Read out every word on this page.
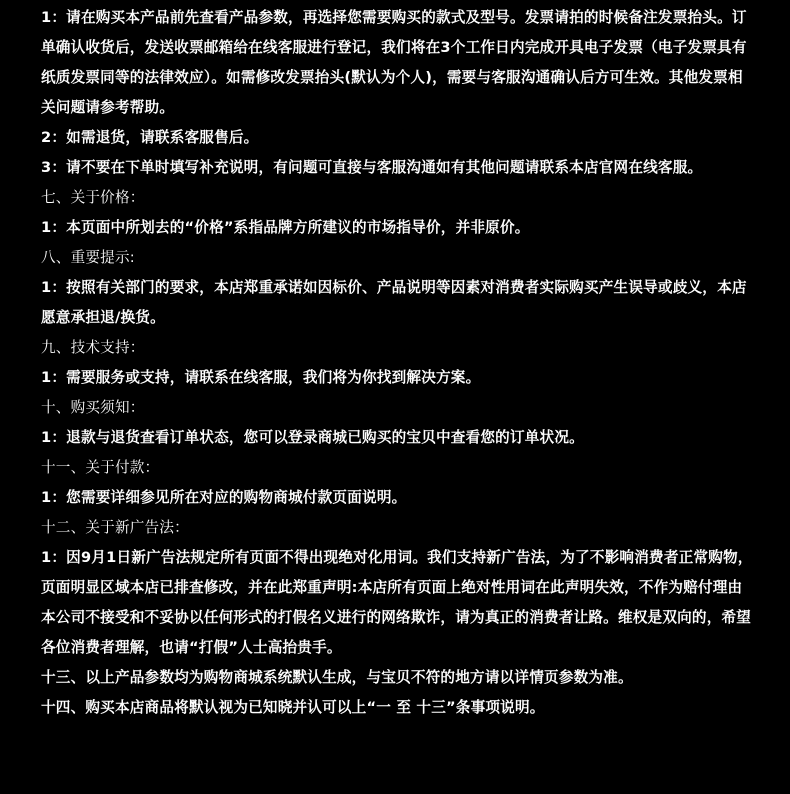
1：请在购买本产品前先查看产品参数，再选择您需要购买的款式及型号。发票请拍的时候备注发票抬头。订单确认收货后，发送收票邮箱给在线客服进行登记，我们将在3个工作日内完成开具电子发票（电子发票具有纸质发票同等的法律效应）。如需修改发票抬头(默认为个人)，需要与客服沟通确认后方可生效。其他发票相关问题请参考帮助。

2：如需退货，请联系客服售后。

3：请不要在下单时填写补充说明，有问题可直接与客服沟通如有其他问题请联系本店官网在线客服。

七、关于价格：

1：本页面中所划去的“价格”系指品牌方所建议的市场指导价，并非原价。

八、重要提示:

1：按照有关部门的要求，本店郑重承诺如因标价、产品说明等因素对消费者实际购买产生误导或歧义，本店愿意承担退/换货。

九、技术支持：

1：需要服务或支持，请联系在线客服，我们将为你找到解决方案。

十、购买须知：

1：退款与退货查看订单状态，您可以登录商城已购买的宝贝中查看您的订单状况。

十一、关于付款：

1：您需要详细参见所在对应的购物商城付款页面说明。

十二、关于新广告法：

1：因9月1日新广告法规定所有页面不得出现绝对化用词。我们支持新广告法，为了不影响消费者正常购物，页面明显区域本店已排查修改，并在此郑重声明:本店所有页面上绝对性用词在此声明失效，不作为赔付理由本公司不接受和不妥协以任何形式的打假名义进行的网络欺诈，请为真正的消费者让路。维权是双向的，希望各位消费者理解，也请“打假”人士高抬贵手。

十三、以上产品参数均为购物商城系统默认生成，与宝贝不符的地方请以详情页参数为准。

十四、购买本店商品将默认视为已知晓并认可以上“一 至 十三”条事项说明。
